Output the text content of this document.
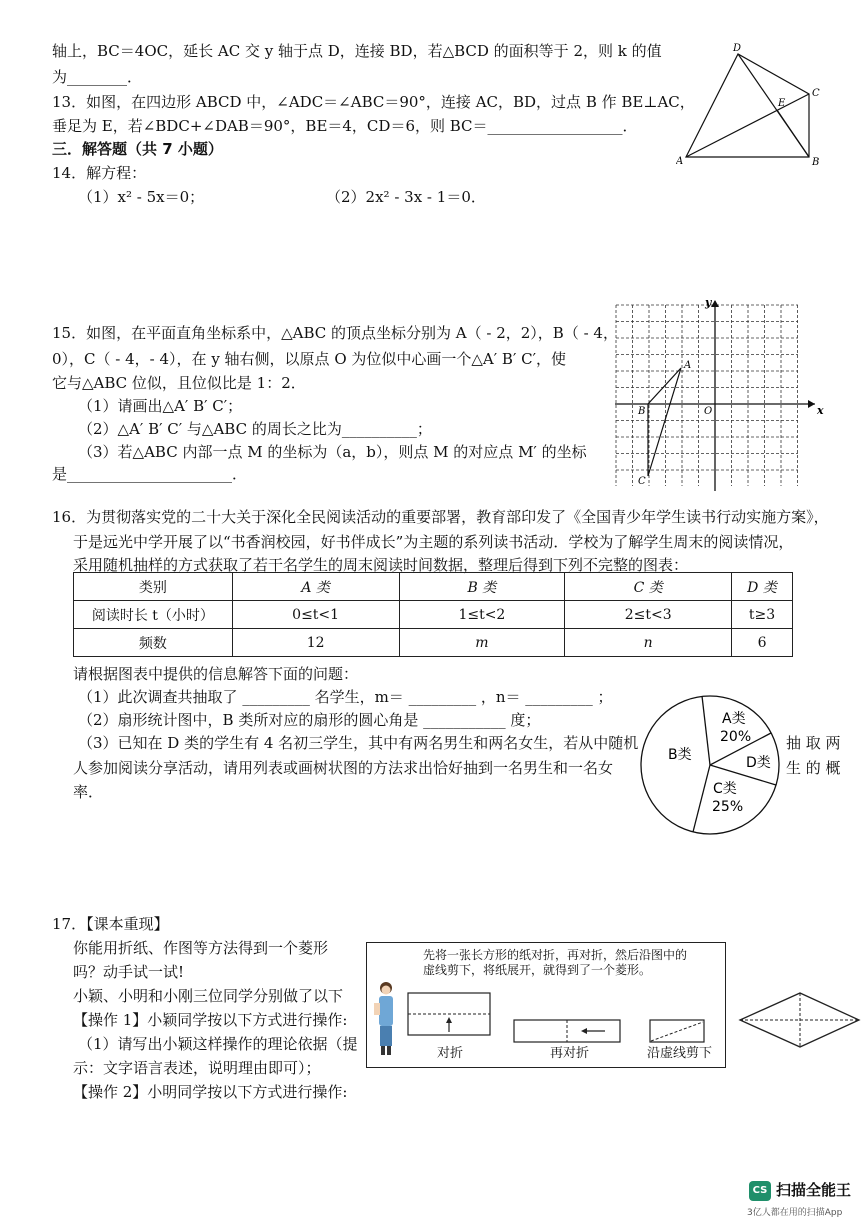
轴上，BC＝4OC，延长 AC 交 y 轴于点 D，连接 BD，若△BCD 的面积等于 2，则 k 的值
为________．
13．如图，在四边形 ABCD 中，∠ADC＝∠ABC＝90°，连接 AC，BD，过点 B 作 BE⊥AC，
垂足为 E，若∠BDC+∠DAB＝90°，BE＝4，CD＝6，则 BC＝__________________．
A	B
C
D
E
三．解答题（共 7 小题）
14．解方程：
（1）x² - 5x＝0；	（2）2x² - 3x - 1＝0．
15．如图，在平面直角坐标系中，△ABC 的顶点坐标分别为 A（ - 2，2），B（ - 4，
0），C（ - 4，- 4），在 y 轴右侧，以原点 O 为位似中心画一个△A′ B′ C′，使
它与△ABC 位似，且位似比是 1：2．
（1）请画出△A′ B′ C′；
（2）△A′ B′ C′ 与△ABC 的周长之比为__________；
（3）若△ABC 内部一点 M 的坐标为（a，b），则点 M 的对应点 M′ 的坐标
是______________________．
x
y
O
A
B
C
16．为贯彻落实党的二十大关于深化全民阅读活动的重要部署，教育部印发了《全国青少年学生读书行动实施方案》，
于是远光中学开展了以“书香润校园，好书伴成长”为主题的系列读书活动．学校为了解学生周末的阅读情况，
采用随机抽样的方式获取了若干名学生的周末阅读时间数据，整理后得到下列不完整的图表：
类别	A 类	B 类	C 类	D 类
阅读时长 t（小时）	0≤t<1	1≤t<2	2≤t<3	t≥3
频数	12	m	n	6
请根据图表中提供的信息解答下面的问题：
（1）此次调查共抽取了 _________ 名学生，m＝ _________ ，n＝ _________ ；
（2）扇形统计图中，B 类所对应的扇形的圆心角是 ___________ 度；
（3）已知在 D 类的学生有 4 名初三学生，其中有两名男生和两名女生，若从中随机
人参加阅读分享活动，请用列表或画树状图的方法求出恰好抽到一名男生和一名女
率．
抽 取 两
生 的 概
A类
20%
B类	D类
C类
25%
17．【课本重现】
你能用折纸、作图等方法得到一个菱形
吗？动手试一试!
小颖、小明和小刚三位同学分别做了以下
【操作 1】小颖同学按以下方式进行操作:
（1）请写出小颖这样操作的理论依据（提
示：文字语言表述，说明理由即可）；
【操作 2】小明同学按以下方式进行操作:
先将一张长方形的纸对折，再对折，然后沿图中的
虚线剪下，将纸展开，就得到了一个菱形。
对折	再对折	沿虚线剪下
CS 扫描全能王
3亿人都在用的扫描App
